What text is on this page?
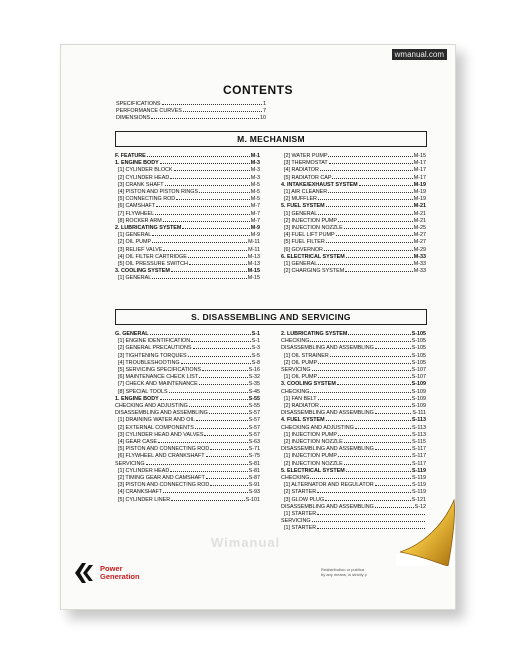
wmanual.com
CONTENTS
SPECIFICATIONS	1
PERFORMANCE CURVES	7
DIMENSIONS	10
M. MECHANISM
F. FEATURE	M-1
1. ENGINE BODY	M-3
[1] CYLINDER BLOCK	M-3
[2] CYLINDER HEAD	M-3
[3] CRANK SHAFT	M-5
[4] PISTON AND PISTON RINGS	M-5
[5] CONNECTING ROD	M-5
[6] CAMSHAFT	M-7
[7] FLYWHEEL	M-7
[8] ROCKER ARM	M-7
2. LUBRICATING SYSTEM	M-9
[1] GENERAL	M-9
[2] OIL PUMP	M-11
[3] RELIEF VALVE	M-11
[4] OIL FILTER CARTRIDGE	M-13
[5] OIL PRESSURE SWITCH	M-13
3. COOLING SYSTEM	M-15
[1] GENERAL	M-15
[2] WATER PUMP	M-15
[3] THERMOSTAT	M-17
[4] RADIATOR	M-17
[5] RADIATOR CAP	M-17
4. INTAKE/EXHAUST SYSTEM	M-19
[1] AIR CLEANER	M-19
[2] MUFFLER	M-19
5. FUEL SYSTEM	M-21
[1] GENERAL	M-21
[2] INJECTION PUMP	M-21
[3] INJECTION NOZZLE	M-25
[4] FUEL LIFT PUMP	M-27
[5] FUEL FILTER	M-27
[6] GOVERNOR	M-29
6. ELECTRICAL SYSTEM	M-33
[1] GENERAL	M-33
[2] CHARGING SYSTEM	M-33
S. DISASSEMBLING AND SERVICING
G. GENERAL	S-1
[1] ENGINE IDENTIFICATION	S-1
[2] GENERAL PRECAUTIONS	S-3
[3] TIGHTENING TORQUES	S-5
[4] TROUBLESHOOTING	S-8
[5] SERVICING SPECIFICATIONS	S-16
[6] MAINTENANCE CHECK LIST	S-32
[7] CHECK AND MAINTENANCE	S-35
[8] SPECIAL TOOLS	S-45
1. ENGINE BODY	S-55
CHECKING AND ADJUSTING	S-55
DISASSEMBLING AND ASSEMBLING	S-57
[1] DRAINING WATER AND OIL	S-57
[2] EXTERNAL COMPONENTS	S-57
[3] CYLINDER HEAD AND VALVES	S-57
[4] GEAR CASE	S-63
[5] PISTON AND CONNECTING ROD	S-71
[6] FLYWHEEL AND CRANKSHAFT	S-75
SERVICING	S-81
[1] CYLINDER HEAD	S-81
[2] TIMING GEAR AND CAMSHAFT	S-87
[3] PISTON AND CONNECTING ROD	S-91
[4] CRANKSHAFT	S-93
[5] CYLINDER LINER	S-101
2. LUBRICATING SYSTEM	S-105
CHECKING	S-105
DISASSEMBLING AND ASSEMBLING	S-105
[1] OIL STRAINER	S-105
[2] OIL PUMP	S-105
SERVICING	S-107
[1] OIL PUMP	S-107
3. COOLING SYSTEM	S-109
CHECKING	S-109
[1] FAN BELT	S-109
[2] RADIATOR	S-109
DISASSEMBLING AND ASSEMBLING	S-111
4. FUEL SYSTEM	S-113
CHECKING AND ADJUSTING	S-113
[1] INJECTION PUMP	S-113
[2] INJECTION NOZZLE	S-115
DISASSEMBLING AND ASSEMBLING	S-117
[1] INJECTION PUMP	S-117
[2] INJECTION NOZZLE	S-117
5. ELECTRICAL SYSTEM	S-119
CHECKING	S-119
[1] ALTERNATOR AND REGULATOR	S-119
[2] STARTER	S-119
[3] GLOW PLUG	S-121
DISASSEMBLING AND ASSEMBLING	S-12
[1] STARTER
SERVICING
[1] STARTER
Wimanual
Power
Generation
Redistribution or publica
by any means, is strictly p
